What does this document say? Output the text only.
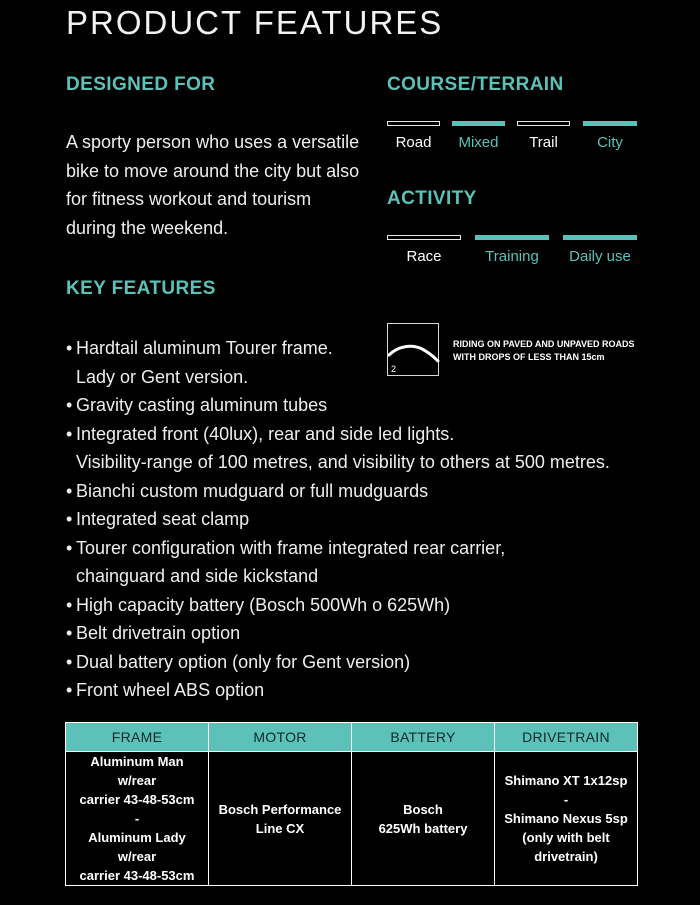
PRODUCT FEATURES
DESIGNED FOR
A sporty person who uses a versatile bike to move around the city but also for fitness workout and tourism during the weekend.
COURSE/TERRAIN
Road	Mixed	Trail	City
ACTIVITY
Race	Training	Daily use
2
RIDING ON PAVED AND UNPAVED ROADS
WITH DROPS OF LESS THAN 15cm
KEY FEATURES
• Hardtail aluminum Tourer frame.
Lady or Gent version.
• Gravity casting aluminum tubes
• Integrated front (40lux), rear and side led lights.
Visibility-range of 100 metres, and visibility to others at 500 metres.
• Bianchi custom mudguard or full mudguards
• Integrated seat clamp
• Tourer configuration with frame integrated rear carrier,
chainguard and side kickstand
• High capacity battery (Bosch 500Wh o 625Wh)
• Belt drivetrain option
• Dual battery option (only for Gent version)
• Front wheel ABS option
FRAME	MOTOR	BATTERY	DRIVETRAIN
Aluminum Man w/rear
carrier 43-48-53cm
-
Aluminum Lady w/rear
carrier 43-48-53cm	Bosch Performance
Line CX	Bosch
625Wh battery	Shimano XT 1x12sp
-
Shimano Nexus 5sp
(only with belt
drivetrain)
